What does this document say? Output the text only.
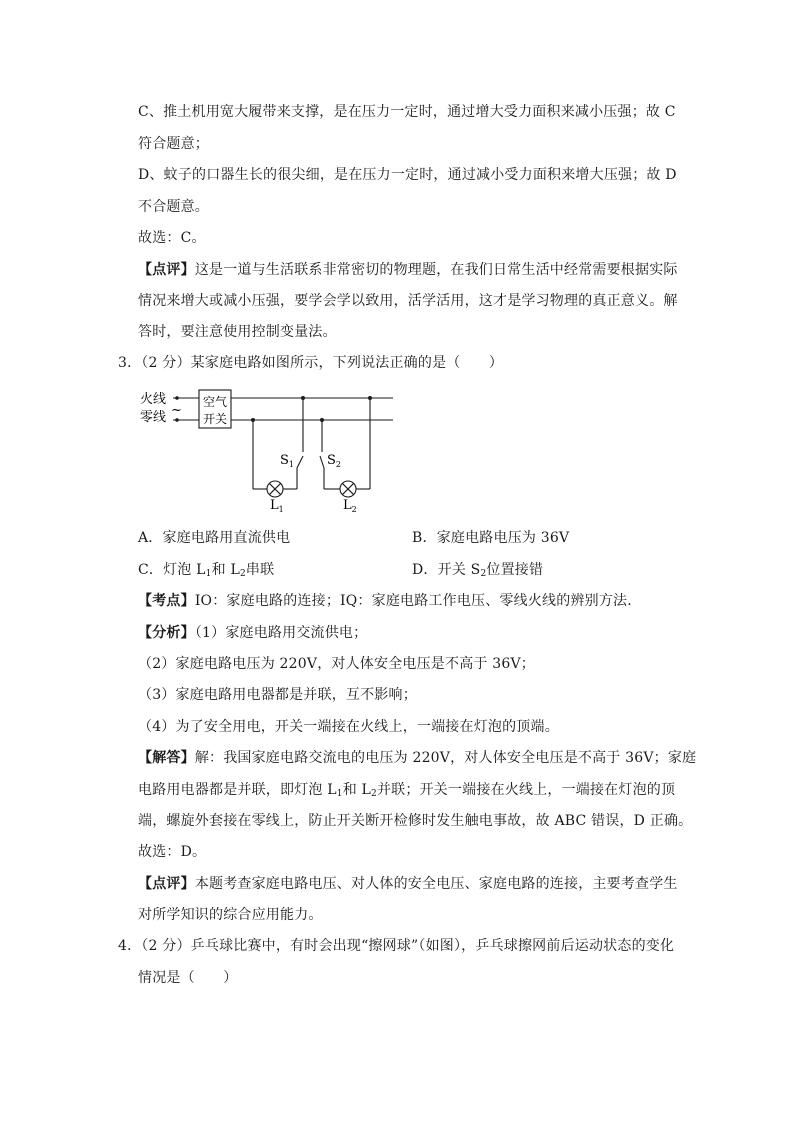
C、推土机用宽大履带来支撑，是在压力一定时，通过增大受力面积来减小压强；故 C
符合题意；
D、蚊子的口器生长的很尖细，是在压力一定时，通过减小受力面积来增大压强；故 D
不合题意。
故选：C。
【点评】这是一道与生活联系非常密切的物理题，在我们日常生活中经常需要根据实际
情况来增大或减小压强，要学会学以致用，活学活用，这才是学习物理的真正意义。解
答时，要注意使用控制变量法。
3．（2 分）某家庭电路如图所示，下列说法正确的是（　　）
火线
零线 ~
空气
开关
$S_1$	$S_2$
$L_1$	$L_2$
A．家庭电路用直流供电	B．家庭电路电压为 36V
C．灯泡 $L_1$和 $L_2$串联	D．开关 $S_2$位置接错
【考点】IO：家庭电路的连接；IQ：家庭电路工作电压、零线火线的辨别方法．
【分析】（1）家庭电路用交流供电；
（2）家庭电路电压为 220V，对人体安全电压是不高于 36V；
（3）家庭电路用电器都是并联，互不影响；
（4）为了安全用电，开关一端接在火线上，一端接在灯泡的顶端。
【解答】解：我国家庭电路交流电的电压为 220V，对人体安全电压是不高于 36V；家庭
电路用电器都是并联，即灯泡 $L_1$和 $L_2$并联；开关一端接在火线上，一端接在灯泡的顶
端，螺旋外套接在零线上，防止开关断开检修时发生触电事故，故 ABC 错误，D 正确。
故选：D。
【点评】本题考查家庭电路电压、对人体的安全电压、家庭电路的连接，主要考查学生
对所学知识的综合应用能力。
4．（2 分）乒乓球比赛中，有时会出现“擦网球”（如图），乒乓球擦网前后运动状态的变化
情况是（　　）
